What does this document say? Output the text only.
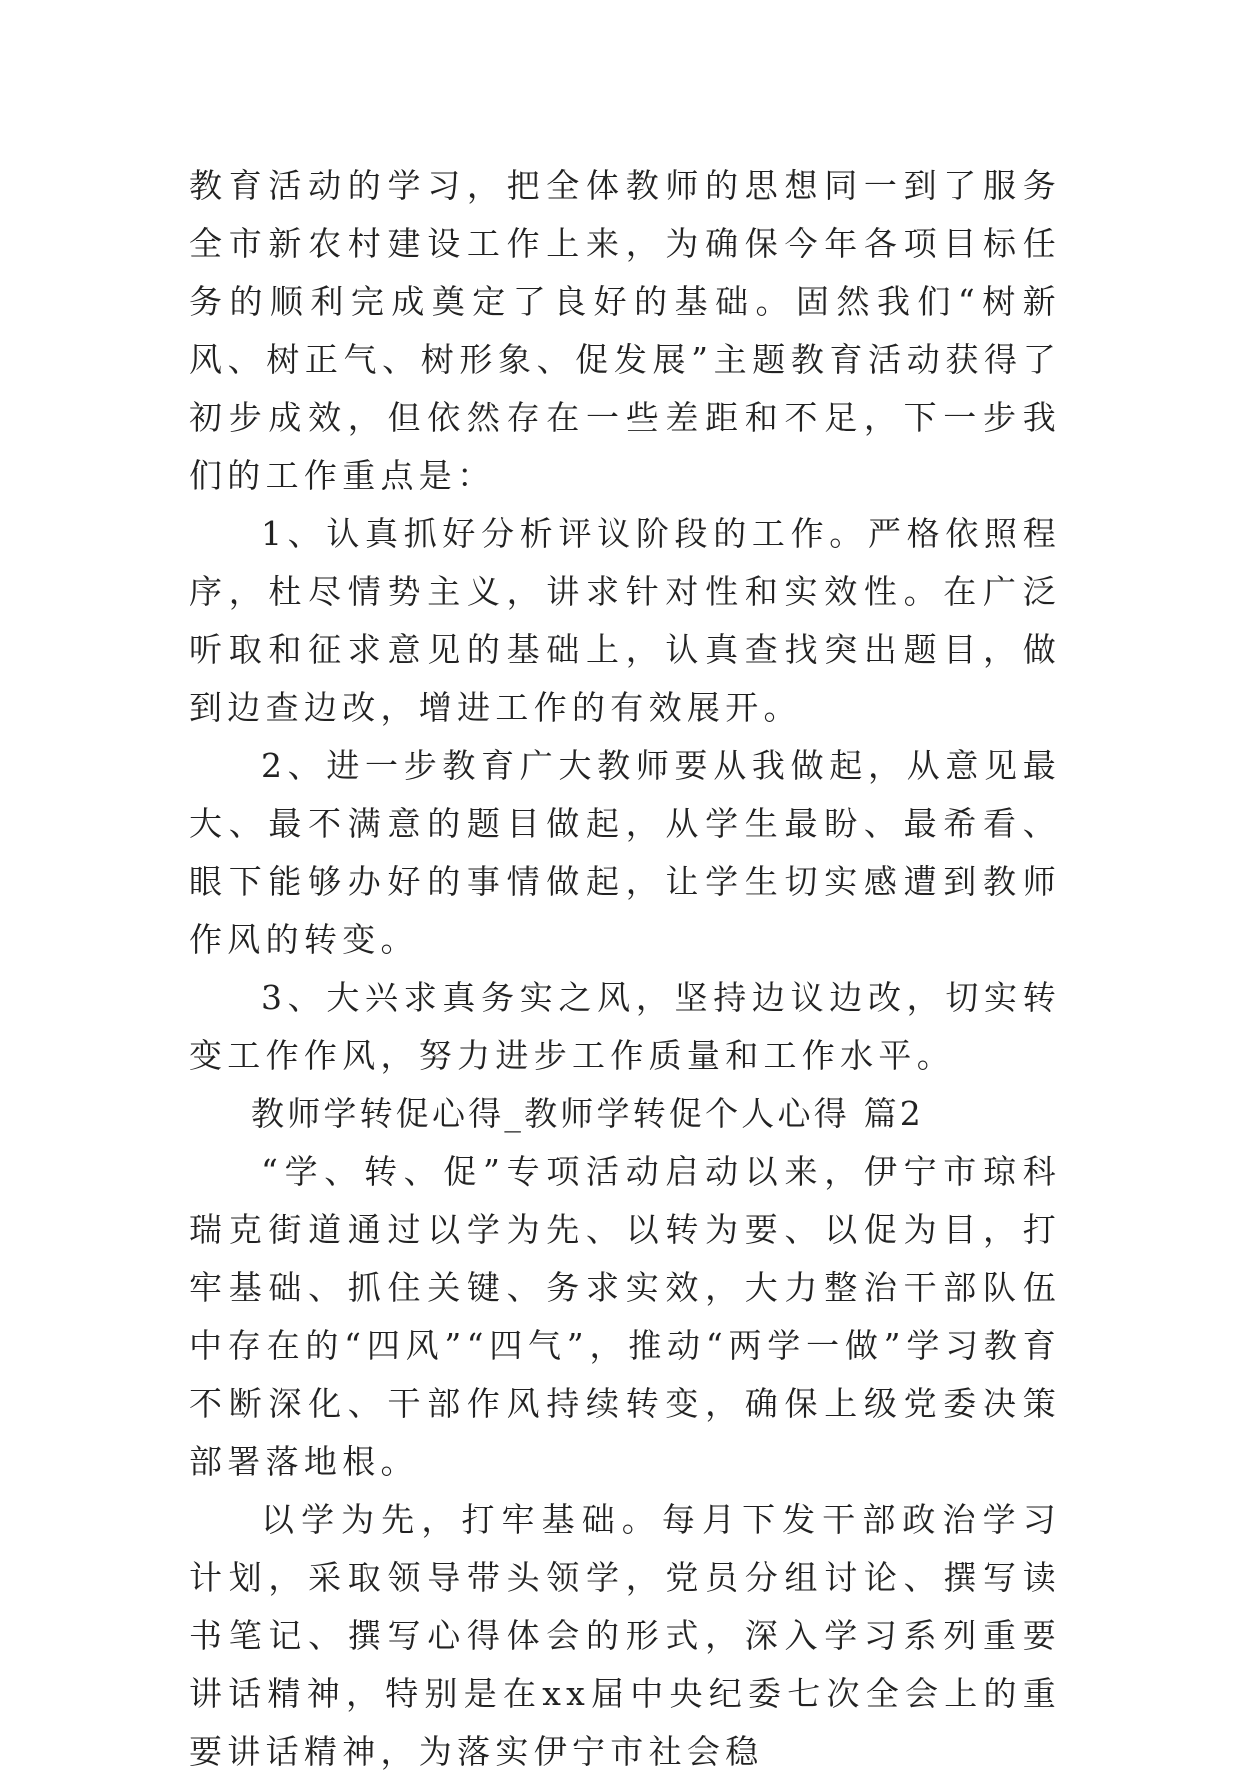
教育活动的学习，把全体教师的思想同一到了服务全市新农村建设工作上来，为确保今年各项目标任务的顺利完成奠定了良好的基础。固然我们“树新风、树正气、树形象、促发展”主题教育活动获得了初步成效，但依然存在一些差距和不足，下一步我们的工作重点是：

1、认真抓好分析评议阶段的工作。严格依照程序，杜尽情势主义，讲求针对性和实效性。在广泛听取和征求意见的基础上，认真查找突出题目，做到边查边改，增进工作的有效展开。

2、进一步教育广大教师要从我做起，从意见最大、最不满意的题目做起，从学生最盼、最希看、眼下能够办好的事情做起，让学生切实感遭到教师作风的转变。

3、大兴求真务实之风，坚持边议边改，切实转变工作作风，努力进步工作质量和工作水平。

教师学转促心得_教师学转促个人心得 篇2

“学、转、促”专项活动启动以来，伊宁市琼科瑞克街道通过以学为先、以转为要、以促为目，打牢基础、抓住关键、务求实效，大力整治干部队伍中存在的“四风”“四气”，推动“两学一做”学习教育不断深化、干部作风持续转变，确保上级党委决策部署落地根。

以学为先，打牢基础。每月下发干部政治学习计划，采取领导带头领学，党员分组讨论、撰写读书笔记、撰写心得体会的形式，深入学习系列重要讲话精神，特别是在xx届中央纪委七次全会上的重要讲话精神，为落实伊宁市社会稳
